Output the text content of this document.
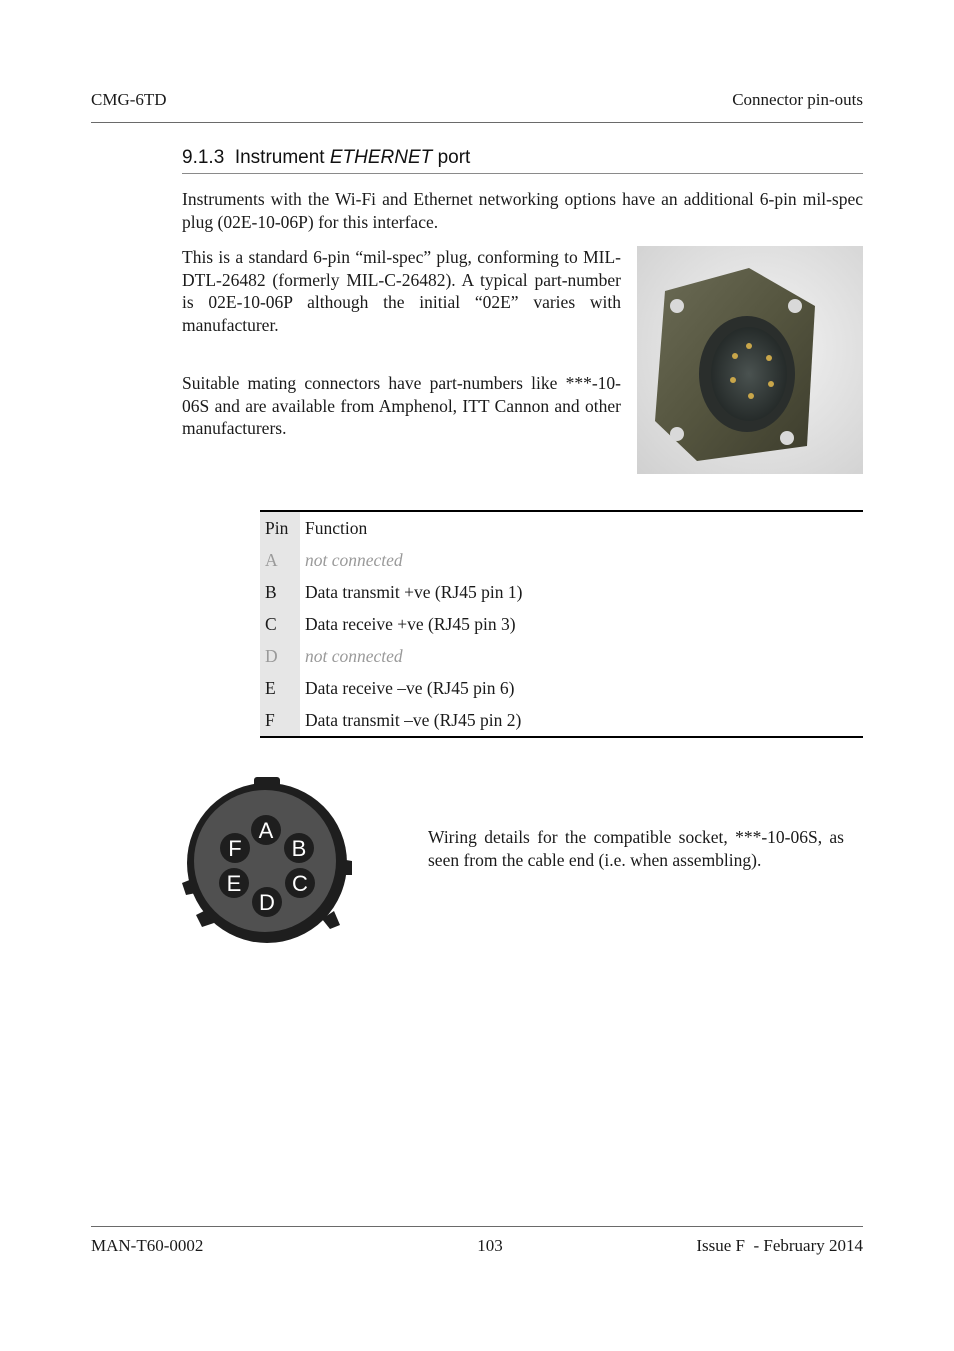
CMG-6TD	Connector pin-outs
9.1.3 Instrument ETHERNET port
Instruments with the Wi-Fi and Ethernet networking options have an additional 6-pin mil-spec plug (02E-10-06P) for this interface.
This is a standard 6-pin “mil-spec” plug, conforming to MIL-DTL-26482 (formerly MIL-C-26482). A typical part-number is 02E-10-06P although the initial “02E” varies with manufacturer.
Suitable mating connectors have part-numbers like ***-10-06S and are available from Amphenol, ITT Cannon and other manufacturers.
Pin	Function
A	not connected
B	Data transmit +ve (RJ45 pin 1)
C	Data receive +ve (RJ45 pin 3)
D	not connected
E	Data receive –ve (RJ45 pin 6)
F	Data transmit –ve (RJ45 pin 2)
A
B
C
D
E
F	Wiring details for the compatible socket, ***-10-06S, as seen from the cable end (i.e. when assembling).
MAN-T60-0002	103	Issue F  - February 2014
